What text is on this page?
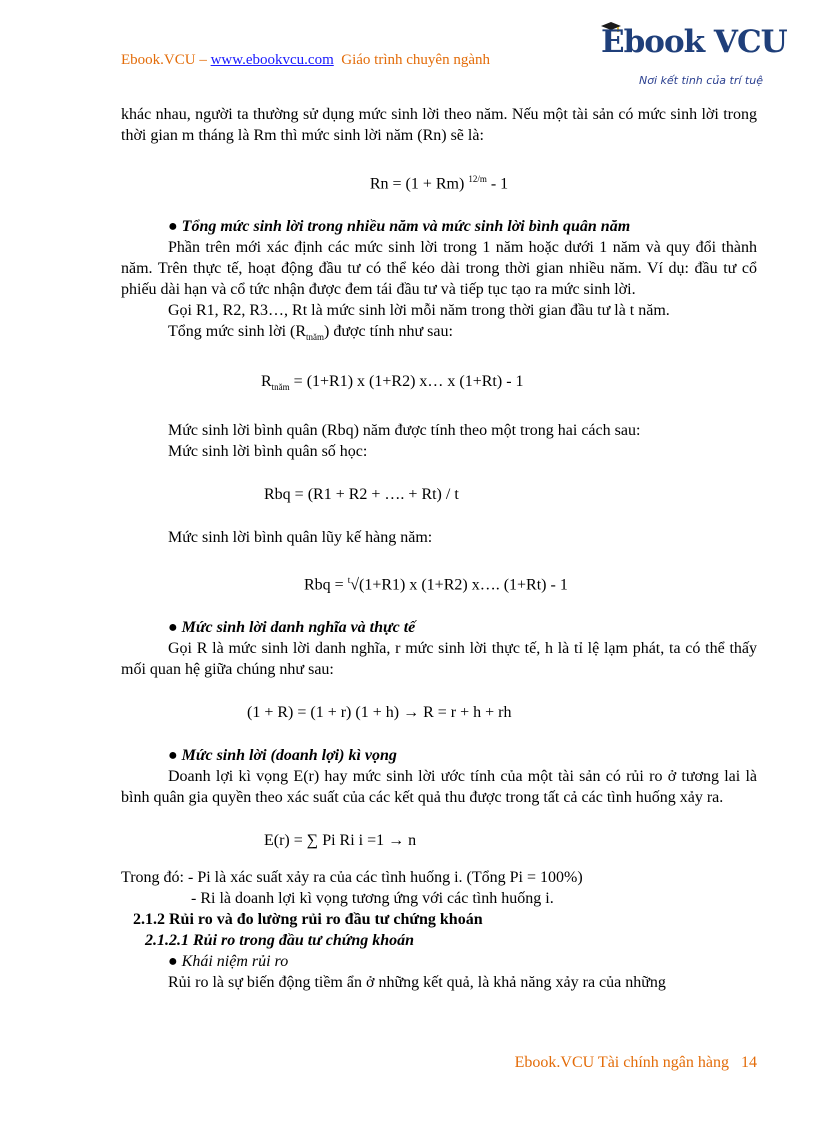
Ebook.VCU – www.ebookvcu.com Giáo trình chuyên ngành	Ebook VCU
Nơi kết tinh của trí tuệ

khác nhau, người ta thường sử dụng mức sinh lời theo năm. Nếu một tài sản có mức sinh lời trong thời gian m tháng là Rm thì mức sinh lời năm (Rn) sẽ là:

Rn = (1 + Rm) $^{12/m}$ - 1

● Tổng mức sinh lời trong nhiều năm và mức sinh lời bình quân năm

Phần trên mới xác định các mức sinh lời trong 1 năm hoặc dưới 1 năm và quy đổi thành năm. Trên thực tế, hoạt động đầu tư có thể kéo dài trong thời gian nhiều năm. Ví dụ: đầu tư cổ phiếu dài hạn và cổ tức nhận được đem tái đầu tư và tiếp tục tạo ra mức sinh lời.

Gọi R1, R2, R3…, Rt là mức sinh lời mỗi năm trong thời gian đầu tư là t năm.

Tổng mức sinh lời $(R_{tnăm})$ được tính như sau:

$R_{tnăm} = (1+R1)$ x (1+R2) x… x (1+Rt) - 1

Mức sinh lời bình quân (Rbq) năm được tính theo một trong hai cách sau:

Mức sinh lời bình quân số học:

Rbq = (R1 + R2 + …. + Rt) / t

Mức sinh lời bình quân lũy kế hàng năm:

Rbq = $^t$√(1+R1) x (1+R2) x…. (1+Rt) - 1

● Mức sinh lời danh nghĩa và thực tế

Gọi R là mức sinh lời danh nghĩa, r mức sinh lời thực tế, h là tỉ lệ lạm phát, ta có thể thấy mối quan hệ giữa chúng như sau:

(1 + R) = (1 + r) (1 + h) → R = r + h + rh

● Mức sinh lời (doanh lợi) kì vọng

Doanh lợi kì vọng E(r) hay mức sinh lời ước tính của một tài sản có rủi ro ở tương lai là bình quân gia quyền theo xác suất của các kết quả thu được trong tất cả các tình huống xảy ra.

E(r) = ∑ Pi Ri i =1 → n

Trong đó: - Pi là xác suất xảy ra của các tình huống i. (Tổng Pi = 100%)

- Ri là doanh lợi kì vọng tương ứng với các tình huống i.

2.1.2 Rủi ro và đo lường rủi ro đầu tư chứng khoán

2.1.2.1 Rủi ro trong đầu tư chứng khoán

● Khái niệm rủi ro

Rủi ro là sự biến động tiềm ẩn ở những kết quả, là khả năng xảy ra của những

Ebook.VCU Tài chính ngân hàng 14
